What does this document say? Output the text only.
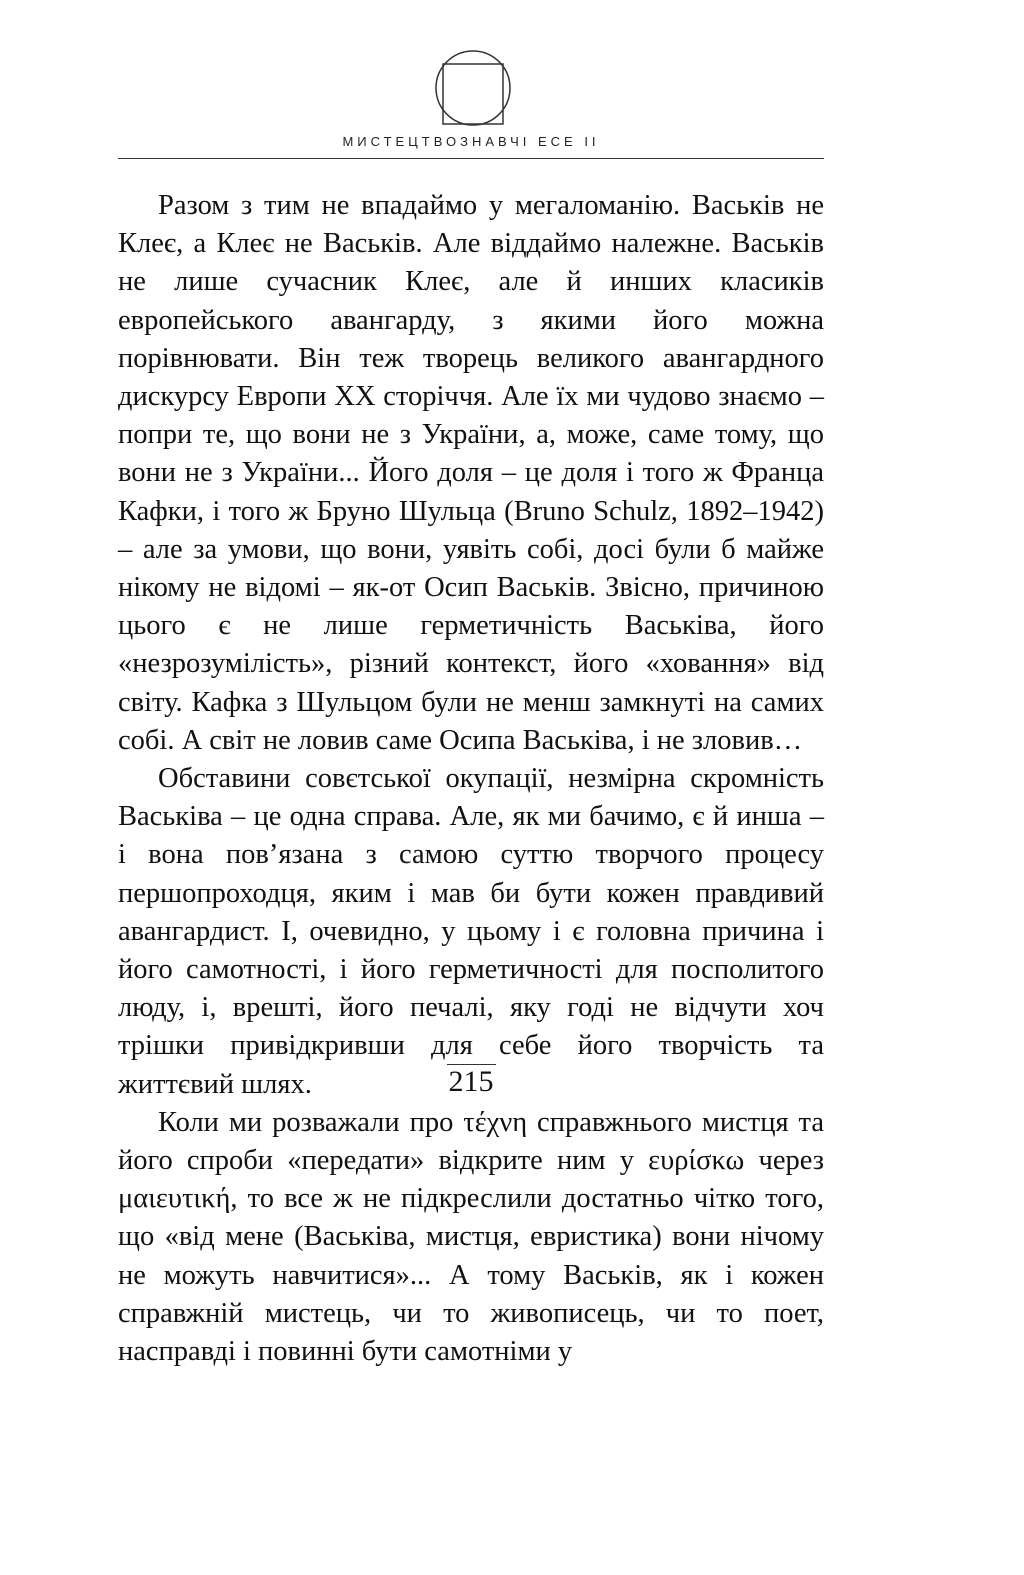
МИСТЕЦТВОЗНАВЧІ ЕСЕ ІІ

Разом з тим не впадаймо у мегаломанію. Васьків не Клеє, а Клеє не Васьків. Але віддаймо належне. Васьків не лише сучасник Клеє, але й инших класиків европейського авангарду, з якими його можна порівнювати. Він теж творець великого авангардного дискурсу Европи ХХ сторіччя. Але їх ми чудово знаємо – попри те, що вони не з України, а, може, саме тому, що вони не з України... Його доля – це доля і того ж Франца Кафки, і того ж Бруно Шульца (Bruno Schulz, 1892–1942) – але за умови, що вони, уявіть собі, досі були б майже нікому не відомі – як-от Осип Васьків. Звісно, причиною цього є не лише герметичність Васьківа, його «незрозумілість», різний контекст, його «ховання» від світу. Кафка з Шульцом були не менш замкнуті на самих собі. А світ не ловив саме Осипа Васьківа, і не зловив…

Обставини совєтської окупації, незмірна скромність Васьківа – це одна справа. Але, як ми бачимо, є й инша – і вона пов’язана з самою суттю творчого процесу першопроходця, яким і мав би бути кожен правдивий авангардист. І, очевидно, у цьому і є головна причина і його самотності, і його герметичності для посполитого люду, і, врешті, його печалі, яку годі не відчути хоч трішки привідкривши для себе його творчість та життєвий шлях.

Коли ми розважали про τέχνη справжнього мистця та його спроби «передати» відкрите ним у ευρίσκω через μαιευτική, то все ж не підкреслили достатньо чітко того, що «від мене (Васьківа, мистця, евристика) вони нічому не можуть навчитися»... А тому Васьків, як і кожен справжній мистець, чи то живописець, чи то поет, насправді і повинні бути самотніми у

215
